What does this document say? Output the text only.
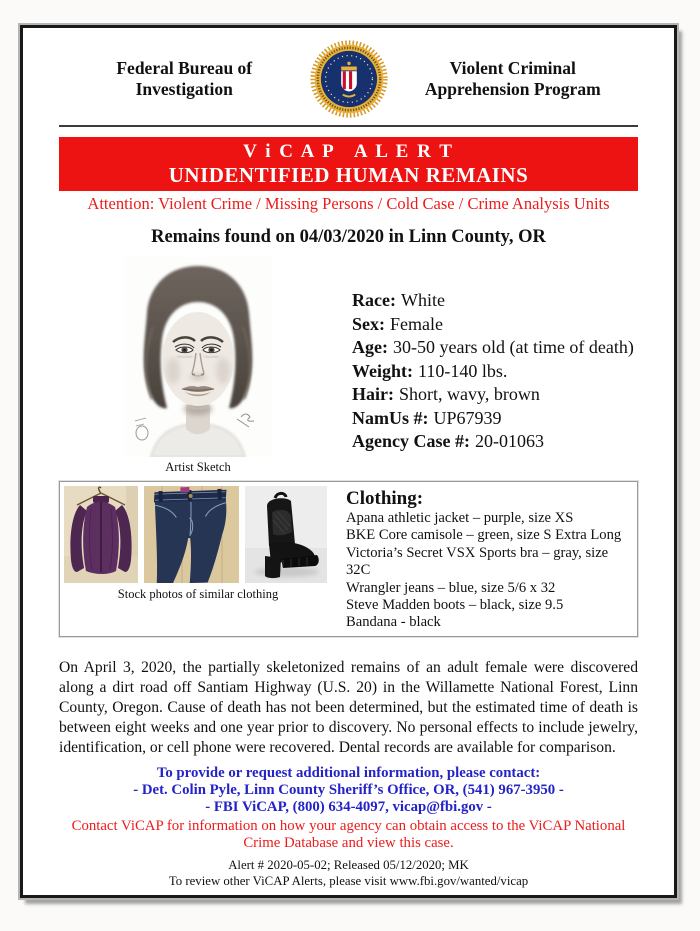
Federal Bureau of
Investigation
Violent Criminal
Apprehension Program
V i C A P   A L E R T
UNIDENTIFIED HUMAN REMAINS
Attention: Violent Crime / Missing Persons / Cold Case / Crime Analysis Units
Remains found on 04/03/2020 in Linn County, OR
Artist Sketch
Race: White
Sex: Female
Age: 30-50 years old (at time of death)
Weight: 110-140 lbs.
Hair: Short, wavy, brown
NamUs #: UP67939
Agency Case #: 20-01063
Stock photos of similar clothing
Clothing:
Apana athletic jacket – purple, size XS
BKE Core camisole – green, size S Extra Long
Victoria’s Secret VSX Sports bra – gray, size 32C
Wrangler jeans – blue, size 5/6 x 32
Steve Madden boots – black, size 9.5
Bandana - black

On April 3, 2020, the partially skeletonized remains of an adult female were discovered along a dirt road off Santiam Highway (U.S. 20) in the Willamette National Forest, Linn County, Oregon. Cause of death has not been determined, but the estimated time of death is between eight weeks and one year prior to discovery. No personal effects to include jewelry, identification, or cell phone were recovered. Dental records are available for comparison.

To provide or request additional information, please contact:
- Det. Colin Pyle, Linn County Sheriff’s Office, OR, (541) 967-3950 -
- FBI ViCAP, (800) 634-4097, vicap@fbi.gov -
Contact ViCAP for information on how your agency can obtain access to the ViCAP National Crime Database and view this case.
Alert # 2020-05-02; Released 05/12/2020; MK
To review other ViCAP Alerts, please visit www.fbi.gov/wanted/vicap
